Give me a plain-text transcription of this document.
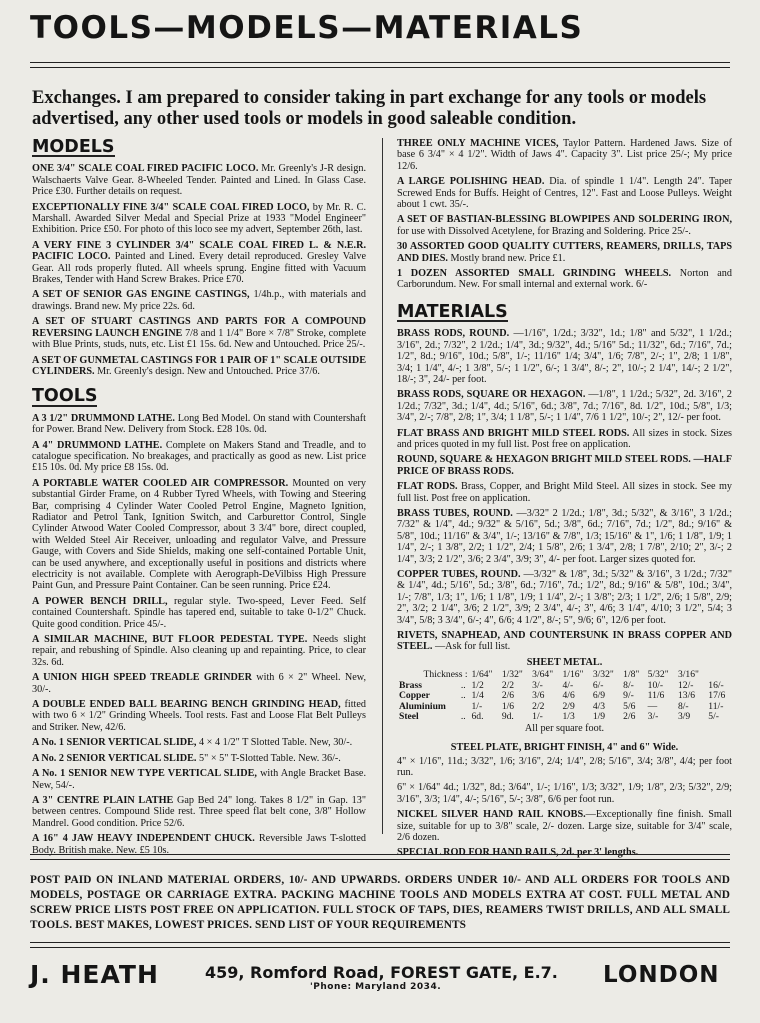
TOOLS—MODELS—MATERIALS
Exchanges. I am prepared to consider taking in part exchange for any tools or models advertised, any other used tools or models in good saleable condition.
MODELS
ONE 3/4" SCALE COAL FIRED PACIFIC LOCO. Mr. Greenly's J-R design. Walschaerts Valve Gear. 8-Wheeled Tender. Painted and Lined. In Glass Case. Price £30. Further details on request.
EXCEPTIONALLY FINE 3/4" SCALE COAL FIRED LOCO, by Mr. R. C. Marshall. Awarded Silver Medal and Special Prize at 1933 "Model Engineer" Exhibition. Price £50. For photo of this loco see my advert, September 26th, last.
A VERY FINE 3 CYLINDER 3/4" SCALE COAL FIRED L. & N.E.R. PACIFIC LOCO. Painted and Lined. Every detail reproduced. Gresley Valve Gear. All rods properly fluted. All wheels sprung. Engine fitted with Vacuum Brakes, Tender with Hand Screw Brakes. Price £70.
A SET OF SENIOR GAS ENGINE CASTINGS, 1/4h.p., with materials and drawings. Brand new. My price 22s. 6d.
A SET OF STUART CASTINGS AND PARTS FOR A COMPOUND REVERSING LAUNCH ENGINE 7/8 and 1 1/4" Bore × 7/8" Stroke, complete with Blue Prints, studs, nuts, etc. List £1 15s. 6d. New and Untouched. Price 25/-.
A SET OF GUNMETAL CASTINGS FOR 1 PAIR OF 1" SCALE OUTSIDE CYLINDERS. Mr. Greenly's design. New and Untouched. Price 37/6.
TOOLS
A 3 1/2" DRUMMOND LATHE. Long Bed Model. On stand with Countershaft for Power. Brand New. Delivery from Stock. £28 10s. 0d.
A 4" DRUMMOND LATHE. Complete on Makers Stand and Treadle, and to catalogue specification. No breakages, and practically as good as new. List price £15 10s. 0d. My price £8 15s. 0d.
A PORTABLE WATER COOLED AIR COMPRESSOR. Mounted on very substantial Girder Frame, on 4 Rubber Tyred Wheels, with Towing and Steering Bar, comprising 4 Cylinder Water Cooled Petrol Engine, Magneto Ignition, Radiator and Petrol Tank, Ignition Switch, and Carburettor Control, Single Cylinder Atwood Water Cooled Compressor, about 3 3/4" bore, direct coupled, with Welded Steel Air Receiver, unloading and regulator Valve, and Pressure Gauge, with Covers and Side Shields, making one self-contained Portable Unit, can be used anywhere, and exceptionally useful in positions and districts where electricity is not available. Complete with Aerograph-DeVilbiss High Pressure Paint Gun, and Pressure Paint Container. Can be seen running. Price £24.
A POWER BENCH DRILL, regular style. Two-speed, Lever Feed. Self contained Countershaft. Spindle has tapered end, suitable to take 0-1/2" Chuck. Quite good condition. Price 45/-.
A SIMILAR MACHINE, BUT FLOOR PEDESTAL TYPE. Needs slight repair, and rebushing of Spindle. Also cleaning up and repainting. Price, to clear 32s. 6d.
A UNION HIGH SPEED TREADLE GRINDER with 6 × 2" Wheel. New, 30/-.
A DOUBLE ENDED BALL BEARING BENCH GRINDING HEAD, fitted with two 6 × 1/2" Grinding Wheels. Tool rests. Fast and Loose Flat Belt Pulleys and Striker. New, 42/6.
A No. 1 SENIOR VERTICAL SLIDE, 4 × 4 1/2" T Slotted Table. New, 30/-.
A No. 2 SENIOR VERTICAL SLIDE. 5" × 5" T-Slotted Table. New. 36/-.
A No. 1 SENIOR NEW TYPE VERTICAL SLIDE, with Angle Bracket Base. New, 54/-.
A 3" CENTRE PLAIN LATHE Gap Bed 24" long. Takes 8 1/2" in Gap. 13" between centres. Compound Slide rest. Three speed flat belt cone, 3/8" Hollow Mandrel. Good condition. Price 52/6.
A 16" 4 JAW HEAVY INDEPENDENT CHUCK. Reversible Jaws T-slotted Body. British make. New. £5 10s.
THREE ONLY MACHINE VICES, Taylor Pattern. Hardened Jaws. Size of base 6 3/4" × 4 1/2". Width of Jaws 4". Capacity 3". List price 25/-; My price 12/6.
A LARGE POLISHING HEAD. Dia. of spindle 1 1/4". Length 24". Taper Screwed Ends for Buffs. Height of Centres, 12". Fast and Loose Pulleys. Weight about 1 cwt. 35/-.
A SET OF BASTIAN-BLESSING BLOWPIPES AND SOLDERING IRON, for use with Dissolved Acetylene, for Brazing and Soldering. Price 25/-.
30 ASSORTED GOOD QUALITY CUTTERS, REAMERS, DRILLS, TAPS AND DIES. Mostly brand new. Price £1.
1 DOZEN ASSORTED SMALL GRINDING WHEELS. Norton and Carborundum. New. For small internal and external work. 6/-
MATERIALS
BRASS RODS, ROUND. —1/16", 1/2d.; 3/32", 1d.; 1/8" and 5/32", 1 1/2d.; 3/16", 2d.; 7/32", 2 1/2d.; 1/4", 3d.; 9/32", 4d.; 5/16" 5d.; 11/32", 6d.; 7/16", 7d.; 1/2", 8d.; 9/16", 10d.; 5/8", 1/-; 11/16" 1/4; 3/4", 1/6; 7/8", 2/-; 1", 2/8; 1 1/8", 3/4; 1 1/4", 4/-; 1 3/8", 5/-; 1 1/2", 6/-; 1 3/4", 8/-; 2", 10/-; 2 1/4", 14/-; 2 1/2", 18/-; 3", 24/- per foot.
BRASS RODS, SQUARE OR HEXAGON. —1/8", 1 1/2d.; 5/32", 2d. 3/16", 2 1/2d.; 7/32", 3d.; 1/4", 4d.; 5/16", 6d.; 3/8", 7d.; 7/16", 8d. 1/2", 10d.; 5/8", 1/3; 3/4", 2/-; 7/8", 2/8; 1", 3/4; 1 1/8", 5/-; 1 1/4", 7/6 1 1/2", 10/-; 2", 12/- per foot.
FLAT BRASS AND BRIGHT MILD STEEL RODS. All sizes in stock. Sizes and prices quoted in my full list. Post free on application.
ROUND, SQUARE & HEXAGON BRIGHT MILD STEEL RODS. —HALF PRICE OF BRASS RODS.
FLAT RODS. Brass, Copper, and Bright Mild Steel. All sizes in stock. See my full list. Post free on application.
BRASS TUBES, ROUND. —3/32" 2 1/2d.; 1/8", 3d.; 5/32", & 3/16", 3 1/2d.; 7/32" & 1/4", 4d.; 9/32" & 5/16", 5d.; 3/8", 6d.; 7/16", 7d.; 1/2", 8d.; 9/16" & 5/8", 10d.; 11/16" & 3/4", 1/-; 13/16" & 7/8", 1/3; 15/16" & 1", 1/6; 1 1/8", 1/9; 1 1/4", 2/-; 1 3/8", 2/2; 1 1/2", 2/4; 1 5/8", 2/6; 1 3/4", 2/8; 1 7/8", 2/10; 2", 3/-; 2 1/4", 3/3; 2 1/2", 3/6; 2 3/4", 3/9; 3", 4/- per foot. Larger sizes quoted for.
COPPER TUBES, ROUND. —3/32" & 1/8", 3d.; 5/32" & 3/16", 3 1/2d.; 7/32" & 1/4", 4d.; 5/16", 5d.; 3/8", 6d.; 7/16", 7d.; 1/2", 8d.; 9/16" & 5/8", 10d.; 3/4", 1/-; 7/8", 1/3; 1", 1/6; 1 1/8", 1/9; 1 1/4", 2/-; 1 3/8"; 2/3; 1 1/2", 2/6; 1 5/8", 2/9; 2", 3/2; 2 1/4", 3/6; 2 1/2", 3/9; 2 3/4", 4/-; 3", 4/6; 3 1/4", 4/10; 3 1/2", 5/4; 3 3/4", 5/8; 3 3/4", 6/-; 4", 6/6; 4 1/2", 8/-; 5", 9/6; 6", 12/6 per foot.
RIVETS, SNAPHEAD, AND COUNTERSUNK IN BRASS COPPER AND STEEL. —Ask for full list.
SHEET METAL.
Thickness :		1/64"	1/32"	3/64"	1/16"	3/32"	1/8"	5/32"	3/16"	
Brass	..	1/2	2/2	3/-	4/-	6/-	8/-	10/-	12/-	16/-
Copper	..	1/4	2/6	3/6	4/6	6/9	9/-	11/6	13/6	17/6
Aluminium		1/-	1/6	2/2	2/9	4/3	5/6	—	8/-	11/-
Steel	..	6d.	9d.	1/-	1/3	1/9	2/6	3/-	3/9	5/-
All per square foot.
STEEL PLATE, BRIGHT FINISH, 4" and 6" Wide.
4" × 1/16", 11d.; 3/32", 1/6; 3/16", 2/4; 1/4", 2/8; 5/16", 3/4; 3/8", 4/4; per foot run.
6" × 1/64" 4d.; 1/32", 8d.; 3/64", 1/-; 1/16", 1/3; 3/32", 1/9; 1/8", 2/3; 5/32", 2/9; 3/16", 3/3; 1/4", 4/-; 5/16", 5/-; 3/8", 6/6 per foot run.
NICKEL SILVER HAND RAIL KNOBS.—Exceptionally fine finish. Small size, suitable for up to 3/8" scale, 2/- dozen. Large size, suitable for 3/4" scale, 2/6 dozen.
SPECIAL ROD FOR HAND RAILS, 2d. per 3' lengths.
POST PAID ON INLAND MATERIAL ORDERS, 10/- AND UPWARDS. ORDERS UNDER 10/- AND ALL ORDERS FOR TOOLS AND MODELS, POSTAGE OR CARRIAGE EXTRA. PACKING MACHINE TOOLS AND MODELS EXTRA AT COST. FULL METAL AND SCREW PRICE LISTS POST FREE ON APPLICATION. FULL STOCK OF TAPS, DIES, REAMERS TWIST DRILLS, AND ALL SMALL TOOLS. BEST MAKES, LOWEST PRICES. SEND LIST OF YOUR REQUIREMENTS
J. HEATH	459, Romford Road, FOREST GATE, E.7.
'Phone: Maryland 2034.	LONDON
